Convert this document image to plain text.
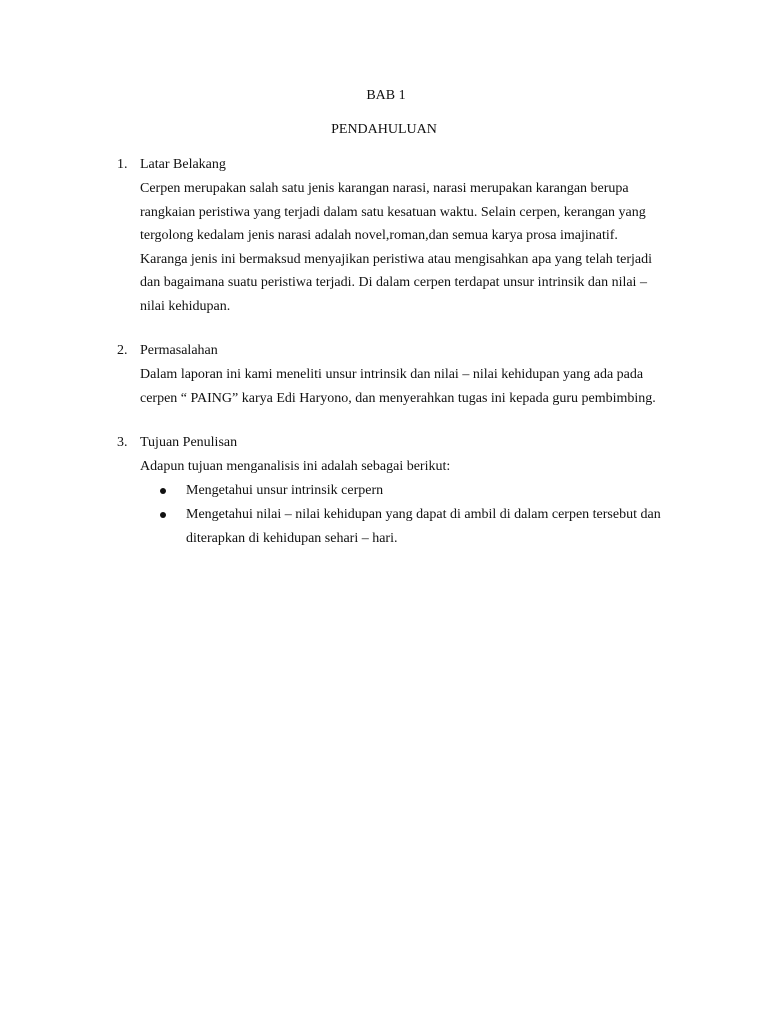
BAB 1
PENDAHULUAN
1. Latar Belakang
Cerpen merupakan salah satu jenis karangan narasi, narasi merupakan karangan berupa
rangkaian peristiwa yang terjadi dalam satu kesatuan waktu. Selain cerpen, kerangan yang
tergolong kedalam jenis narasi adalah novel,roman,dan semua karya prosa imajinatif.
Karanga jenis ini bermaksud menyajikan peristiwa atau mengisahkan apa yang telah terjadi
dan bagaimana suatu peristiwa terjadi. Di dalam cerpen terdapat unsur intrinsik dan nilai –
nilai kehidupan.
2. Permasalahan
Dalam laporan ini kami meneliti unsur intrinsik dan nilai – nilai kehidupan yang ada pada
cerpen “ PAING” karya Edi Haryono, dan menyerahkan tugas ini kepada guru pembimbing.
3. Tujuan Penulisan
Adapun tujuan menganalisis ini adalah sebagai berikut:
Mengetahui unsur intrinsik cerpern
Mengetahui nilai – nilai kehidupan yang dapat di ambil di dalam cerpen tersebut dan
diterapkan di kehidupan sehari – hari.
